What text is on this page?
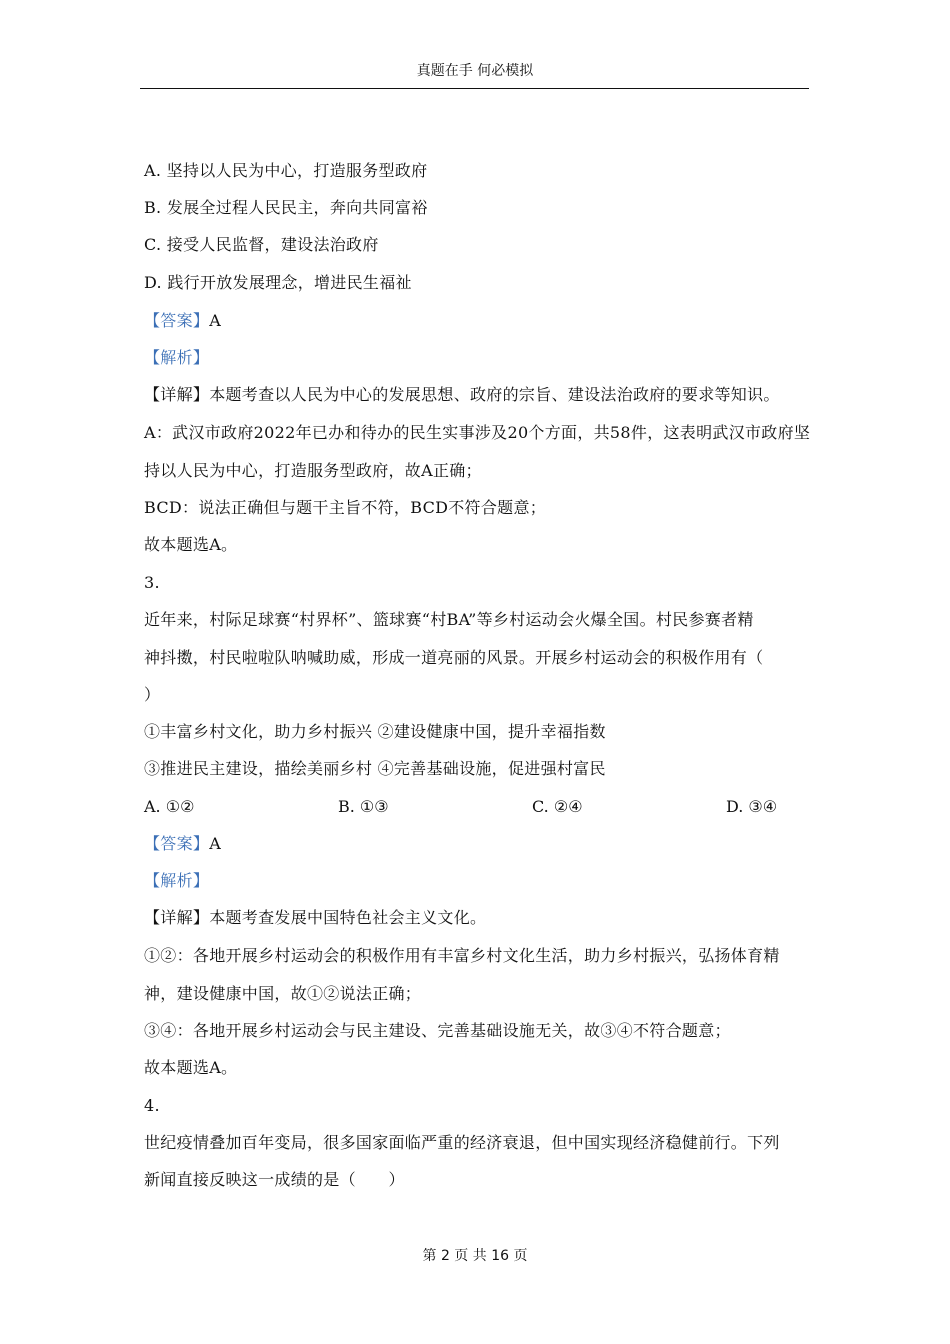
真题在手 何必模拟
A. 坚持以人民为中心，打造服务型政府
B. 发展全过程人民民主，奔向共同富裕
C. 接受人民监督，建设法治政府
D. 践行开放发展理念，增进民生福祉
【答案】A
【解析】
【详解】本题考查以人民为中心的发展思想、政府的宗旨、建设法治政府的要求等知识。
A：武汉市政府2022年已办和待办的民生实事涉及20个方面，共58件，这表明武汉市政府坚
持以人民为中心，打造服务型政府，故A正确；
BCD：说法正确但与题干主旨不符，BCD不符合题意；
故本题选A。
3.
近年来，村际足球赛“村界杯”、篮球赛“村BA”等乡村运动会火爆全国。村民参赛者精
神抖擞，村民啦啦队呐喊助威，形成一道亮丽的风景。开展乡村运动会的积极作用有（
）
①丰富乡村文化，助力乡村振兴 ②建设健康中国，提升幸福指数
③推进民主建设，描绘美丽乡村 ④完善基础设施，促进强村富民
A. ①②	B. ①③	C. ②④	D. ③④
【答案】A
【解析】
【详解】本题考查发展中国特色社会主义文化。
①②：各地开展乡村运动会的积极作用有丰富乡村文化生活，助力乡村振兴，弘扬体育精
神，建设健康中国，故①②说法正确；
③④：各地开展乡村运动会与民主建设、完善基础设施无关，故③④不符合题意；
故本题选A。
4.
世纪疫情叠加百年变局，很多国家面临严重的经济衰退，但中国实现经济稳健前行。下列
新闻直接反映这一成绩的是（　　）
第 2 页 共 16 页
